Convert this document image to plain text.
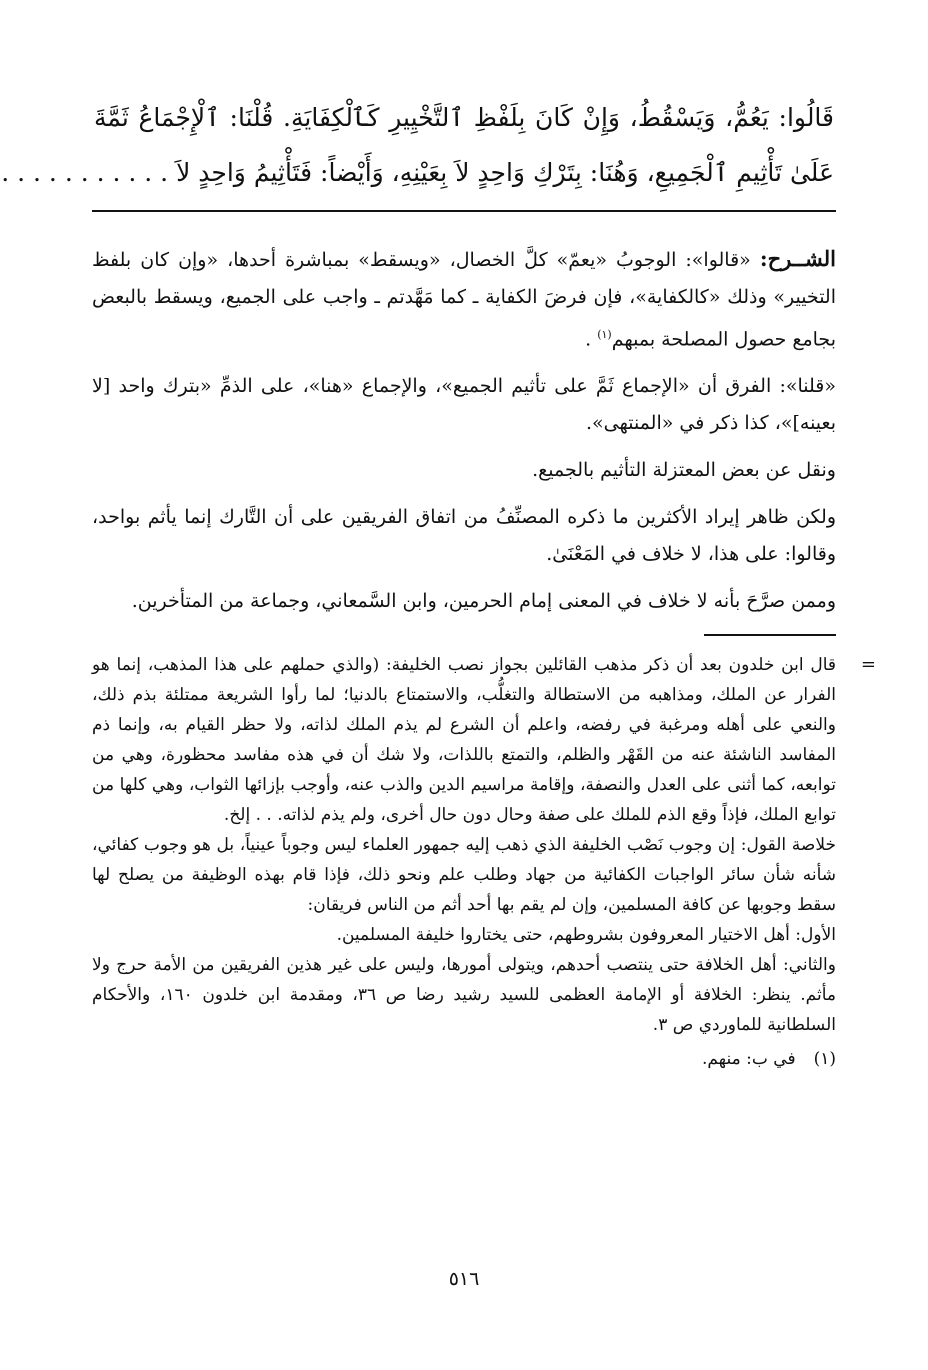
قَالُوا: يَعُمُّ، وَيَسْقُطُ، وَإِنْ كَانَ بِلَفْظِ ٱلتَّخْيِيرِ كَٱلْكِفَايَةِ. قُلْنَا: ٱلْإِجْمَاعُ ثَمَّةَ
عَلَىٰ تَأْثِيمِ ٱلْجَمِيعِ، وَهُنَا: بِتَرْكِ وَاحِدٍ لاَ بِعَيْنِهِ، وَأَيْضاً: فَتَأْثِيمُ وَاحِدٍ لاَ . . . . . . . . . . .

الشــرح: «قالوا»: الوجوبُ «يعمّ» كلَّ الخصال، «ويسقط» بمباشرة أحدها، «وإن كان بلفظ التخيير» وذلك «كالكفاية»، فإن فرضَ الكفاية ـ كما مَهَّدتم ـ واجب على الجميع، ويسقط بالبعض بجامع حصول المصلحة بمبهم$^{(١)}$ .

«قلنا»: الفرق أن «الإجماع ثَمَّ على تأثيم الجميع»، والإجماع «هنا»، على الذمِّ «بترك واحد [لا بعينه]»، كذا ذكر في «المنتهى».

ونقل عن بعض المعتزلة التأثيم بالجميع.

ولكن ظاهر إيراد الأكثرين ما ذكره المصنِّفُ من اتفاق الفريقين على أن التَّارك إنما يأثم بواحد، وقالوا: على هذا، لا خلاف في المَعْنَىٰ.

وممن صرَّحَ بأنه لا خلاف في المعنى إمام الحرمين، وابن السَّمعاني، وجماعة من المتأخرين.

=

قال ابن خلدون بعد أن ذكر مذهب القائلين بجواز نصب الخليفة: (والذي حملهم على هذا المذهب، إنما هو الفرار عن الملك، ومذاهبه من الاستطالة والتغلُّب، والاستمتاع بالدنيا؛ لما رأوا الشريعة ممتلئة بذم ذلك، والنعي على أهله ومرغبة في رفضه، واعلم أن الشرع لم يذم الملك لذاته، ولا حظر القيام به، وإنما ذم المفاسد الناشئة عنه من القَهْر والظلم، والتمتع باللذات، ولا شك أن في هذه مفاسد محظورة، وهي من توابعه، كما أثنى على العدل والنصفة، وإقامة مراسيم الدين والذب عنه، وأوجب بإزائها الثواب، وهي كلها من توابع الملك، فإذاً وقع الذم للملك على صفة وحال دون حال أخرى، ولم يذم لذاته. . . إلخ.

خلاصة القول: إن وجوب نَصْب الخليفة الذي ذهب إليه جمهور العلماء ليس وجوباً عينياً، بل هو وجوب كفائي، شأنه شأن سائر الواجبات الكفائية من جهاد وطلب علم ونحو ذلك، فإذا قام بهذه الوظيفة من يصلح لها سقط وجوبها عن كافة المسلمين، وإن لم يقم بها أحد أثم من الناس فريقان:

الأول: أهل الاختيار المعروفون بشروطهم، حتى يختاروا خليفة المسلمين.

والثاني: أهل الخلافة حتى ينتصب أحدهم، ويتولى أمورها، وليس على غير هذين الفريقين من الأمة حرج ولا مأثم. ينظر: الخلافة أو الإمامة العظمى للسيد رشيد رضا ص ٣٦، ومقدمة ابن خلدون ١٦٠، والأحكام السلطانية للماوردي ص ٣.

(١)في ب: منهم.

٥١٦
